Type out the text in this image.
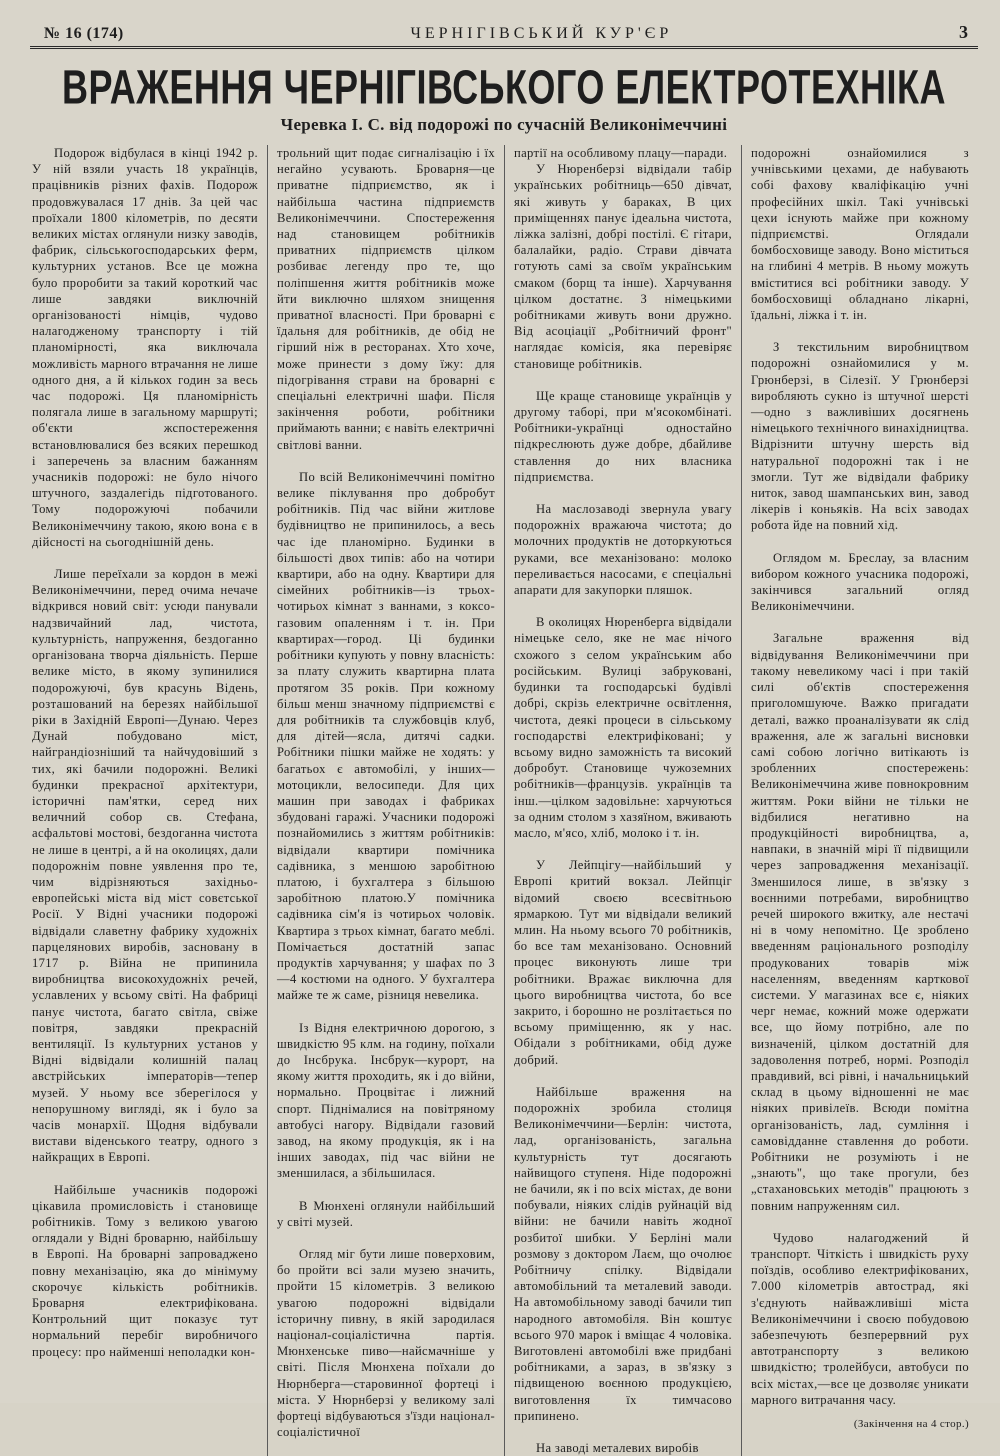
№ 16 (174)	ЧЕРНІГІВСЬКИЙ КУР'ЄР	3
ВРАЖЕННЯ ЧЕРНІГІВСЬКОГО ЕЛЕКТРОТЕХНІКА
Черевка І. С. від подорожі по сучасній Великонімеччині

Подорож відбулася в кінці 1942 р. У ній взяли участь 18 українців, працівників різних фахів. Подорож продовжувалася 17 днів. За цей час проїхали 1800 кілометрів, по десяти великих містах оглянули низку заводів, фабрик, сільськогосподарських ферм, культурних установ. Все це можна було проробити за такий короткий час лише завдяки виключній організованості німців, чудово налагодженому транспорту і тій планомірності, яка виключала можливість марного втрачання не лише одного дня, а й кількох годин за весь час подорожі. Ця планомірність полягала лише в загальному маршруті; об'єкти жспостереження встановлювалися без всяких перешкод і заперечень за власним бажанням учасників подорожі: не було нічого штучного, заздалегідь підготованого. Тому подорожуючі побачили Великонімеччину такою, якою вона є в дійсності на сьогоднішній день.

Лише переїхали за кордон в межі Великонімеччини, перед очима нечаче відкрився новий світ: усюди панували надзвичайний лад, чистота, культурність, напруження, бездоганно організована творча діяльність. Перше велике місто, в якому зупинилися подорожуючі, був красунь Відень, розташований на березях найбільшої ріки в Західній Европі—Дунаю. Через Дунай побудовано міст, найграндіозніший та найчудовіший з тих, які бачили подорожні. Великі будинки прекрасної архітектури, історичні пам'ятки, серед них величний собор св. Стефана, асфальтові мостові, бездоганна чистота не лише в центрі, а й на околицях, дали подорожнім повне уявлення про те, чим відрізняються західньо-европейські міста від міст совєтської Росії. У Відні учасники подорожі відвідали славетну фабрику художніх парцелянових виробів, засновану в 1717 р. Війна не припинила виробництва високохудожніх речей, уславлених у всьому світі. На фабриці панує чистота, багато світла, свіже повітря, завдяки прекрасній вентиляції. Із культурних установ у Відні відвідали колишній палац австрійських імператорів—тепер музей. У ньому все зберегілося у непорушному вигляді, як і було за часів монархії. Щодня відбували вистави віденського театру, одного з найкращих в Европі.

Найбільше учасників подорожі цікавила промисловість і становище робітників. Тому з великою увагою оглядали у Відні броварню, найбільшу в Европі. На броварні запроваджено повну механізацію, яка до мінімуму скорочує кількість робітників. Броварня електрифікована. Контрольний щит показує тут нормальний перебіг виробничого процесу: про найменші неполадки кон-

трольний щит подає сигналізацію і їх негайно усувають. Броварня—це приватне підприємство, як і найбільша частина підприємств Великонімеччини. Спостереження над становищем робітників приватних підприємств цілком розбиває легенду про те, що поліпшення життя робітників може йти виключно шляхом знищення приватної власності. При броварні є їдальня для робітників, де обід не гірший ніж в ресторанах. Хто хоче, може принести з дому їжу: для підогрівання страви на броварні є спеціальні електричні шафи. Після закінчення роботи, робітники приймають ванни; є навіть електричні світлові ванни.

По всій Великонімеччині помітно велике піклування про добробут робітників. Під час війни житлове будівництво не припинилось, а весь час іде планомірно. Будинки в більшості двох типів: або на чотири квартири, або на одну. Квартири для сімейних робітників—із трьох-чотирьох кімнат з ваннами, з коксо-газовим опаленням і т. ін. При квартирах—город. Ці будинки робітники купують у повну власність: за плату служить квартирна плата протягом 35 років. При кожному більш менш значному підприємстві є для робітників та службовців клуб, для дітей—ясла, дитячі садки. Робітники пішки майже не ходять: у багатьох є автомобілі, у інших—мотоцикли, велосипеди. Для цих машин при заводах і фабриках збудовані гаражі. Учасники подорожі познайомились з життям робітників: відвідали квартири помічника садівника, з меншою заробітною платою, і бухгалтера з більшою заробітною платою.У помічника садівника сім'я із чотирьох чоловік. Квартира з трьох кімнат, багато меблі. Помічається достатній запас продуктів харчування; у шафах по 3—4 костюми на одного. У бухгалтера майже те ж саме, різниця невелика.

Із Відня електричною дорогою, з швидкістю 95 клм. на годину, поїхали до Інсбрука. Інсбрук—курорт, на якому життя проходить, як і до війни, нормально. Процвітає і лижний спорт. Піднімалися на повітряному автобусі нагору. Відвідали газовий завод, на якому продукція, як і на інших заводах, під час війни не зменшилася, а збільшилася.

В Мюнхені оглянули найбільший у світі музей.

Огляд міг бути лише поверховим, бо пройти всі зали музею значить, пройти 15 кілометрів. З великою увагою подорожні відвідали історичну пивну, в якій зародилася націонал-соціалістична партія. Мюнхенське пиво—найсмачніше у світі. Після Мюнхена поїхали до Нюрнберга—старовинної фортеці і міста. У Нюрнберзі у великому залі фортеці відбуваються з'їзди націонал-соціалістичної

партії на особливому плацу—паради.

У Нюренберзі відвідали табір українських робітниць—650 дівчат, які живуть у бараках, В цих приміщеннях панує ідеальна чистота, ліжка залізні, добрі постілі. Є гітари, балалайки, радіо. Страви дівчата готують самі за своїм українським смаком (борщ та інше). Харчування цілком достатнє. З німецькими робітниками живуть вони дружно. Від асоціації „Робітничий фронт" наглядає комісія, яка перевіряє становище робітників.

Ще краще становище українців у другому таборі, при м'ясокомбінаті. Робітники-українці одностайно підкреслюють дуже добре, дбайливе ставлення до них власника підприємства.

На маслозаводі звернула увагу подорожніх вражаюча чистота; до молочних продуктів не доторкуються руками, все механізовано: молоко переливається насосами, є спеціальні апарати для закупорки пляшок.

В околицях Нюренберга відвідали німецьке село, яке не має нічого схожого з селом українським або російським. Вулиці забруковані, будинки та господарські будівлі добрі, скрізь електричне освітлення, чистота, деякі процеси в сільському господарстві електрифіковані; у всьому видно заможність та високий добробут. Становище чужоземних робітників—французів. українців та інш.—цілком задовільне: харчуються за одним столом з хазяїном, вживають масло, м'ясо, хліб, молоко і т. ін.

У Лейпцігу—найбільший у Европі критий вокзал. Лейпціг відомий своєю всесвітньою ярмаркою. Тут ми відвідали великий млин. На ньому всього 70 робітників, бо все там механізовано. Основний процес виконують лише три робітники. Вражає виключна для цього виробництва чистота, бо все закрито, і борошно не розлітається по всьому приміщенню, як у нас. Обідали з робітниками, обід дуже добрий.

Найбільше враження на подорожніх зробила столиця Великонімеччини—Берлін: чистота, лад, організованість, загальна культурність тут досягають найвищого ступеня. Ніде подорожні не бачили, як і по всіх містах, де вони побували, ніяких слідів руйнацій від війни: не бачили навіть жодної розбитої шибки. У Берліні мали розмову з доктором Лаєм, що очолює Робітничу спілку. Відвідали автомобільний та металевий заводи. На автомобільному заводі бачили тип народного автомобіля. Він коштує всього 970 марок і вміщає 4 чоловіка. Виготовлені автомобілі вже придбані робітниками, а зараз, в зв'язку з підвищеною воєнною продукцією, виготовлення їх тимчасово припинено.

На заводі металевих виробів

подорожні ознайомилися з учнівськими цехами, де набувають собі фахову кваліфікацію учні професійних шкіл. Такі учнівські цехи існують майже при кожному підприємстві. Оглядали бомбосховище заводу. Воно міститься на глибині 4 метрів. В ньому можуть вміститися всі робітники заводу. У бомбосховищі обладнано лікарні, їдальні, ліжка і т. ін.

З текстильним виробництвом подорожні ознайомилися у м. Грюнберзі, в Сілезії. У Грюнберзі виробляють сукно із штучної шерсті—одно з важливіших досягнень німецького технічного винахідництва. Відрізнити штучну шерсть від натуральної подорожні так і не змогли. Тут же відвідали фабрику ниток, завод шампанських вин, завод лікерів і коньяків. На всіх заводах робота йде на повний хід.

Оглядом м. Бреслау, за власним вибором кожного учасника подорожі, закінчився загальний огляд Великонімеччини.

Загальне враження від відвідування Великонімеччини при такому невеликому часі і при такій силі об'єктів спостереження приголомшуюче. Важко пригадати деталі, важко проаналізувати як слід враження, але ж загальні висновки самі собою логічно витікають із зробленних спостережень: Великонімеччина живе повнокровним життям. Роки війни не тільки не відбилися негативно на продукційності виробництва, а, навпаки, в значній мірі її підвищили через запровадження механізації. Зменшилося лише, в зв'язку з воєнними потребами, виробництво речей широкого вжитку, але нестачі ні в чому непомітно. Це зроблено введенням раціонального розподілу продукованих товарів між населенням, введенням карткової системи. У магазинах все є, ніяких черг немає, кожний може одержати все, що йому потрібно, але по визначеній, цілком достатній для задоволення потреб, нормі. Розподіл правдивий, всі рівні, і начальницький склад в цьому відношенні не має ніяких привілеїв. Всюди помітна організованість, лад, сумління і самовідданне ставлення до роботи. Робітники не розуміють і не „знають", що таке прогули, без „стахановських методів" працюють з повним напруженням сил.

Чудово налагоджений й транспорт. Чіткість і швидкість руху поїздів, особливо електрифікованих, 7.000 кілометрів автострад, які з'єднують найважливіші міста Великонімеччини і своєю побудовою забезпечують безперервний рух автотранспорту з великою швидкістю; тролейбуси, автобуси по всіх містах,—все це дозволяє уникати марного витрачання часу.

(Закінчення на 4 стор.)
